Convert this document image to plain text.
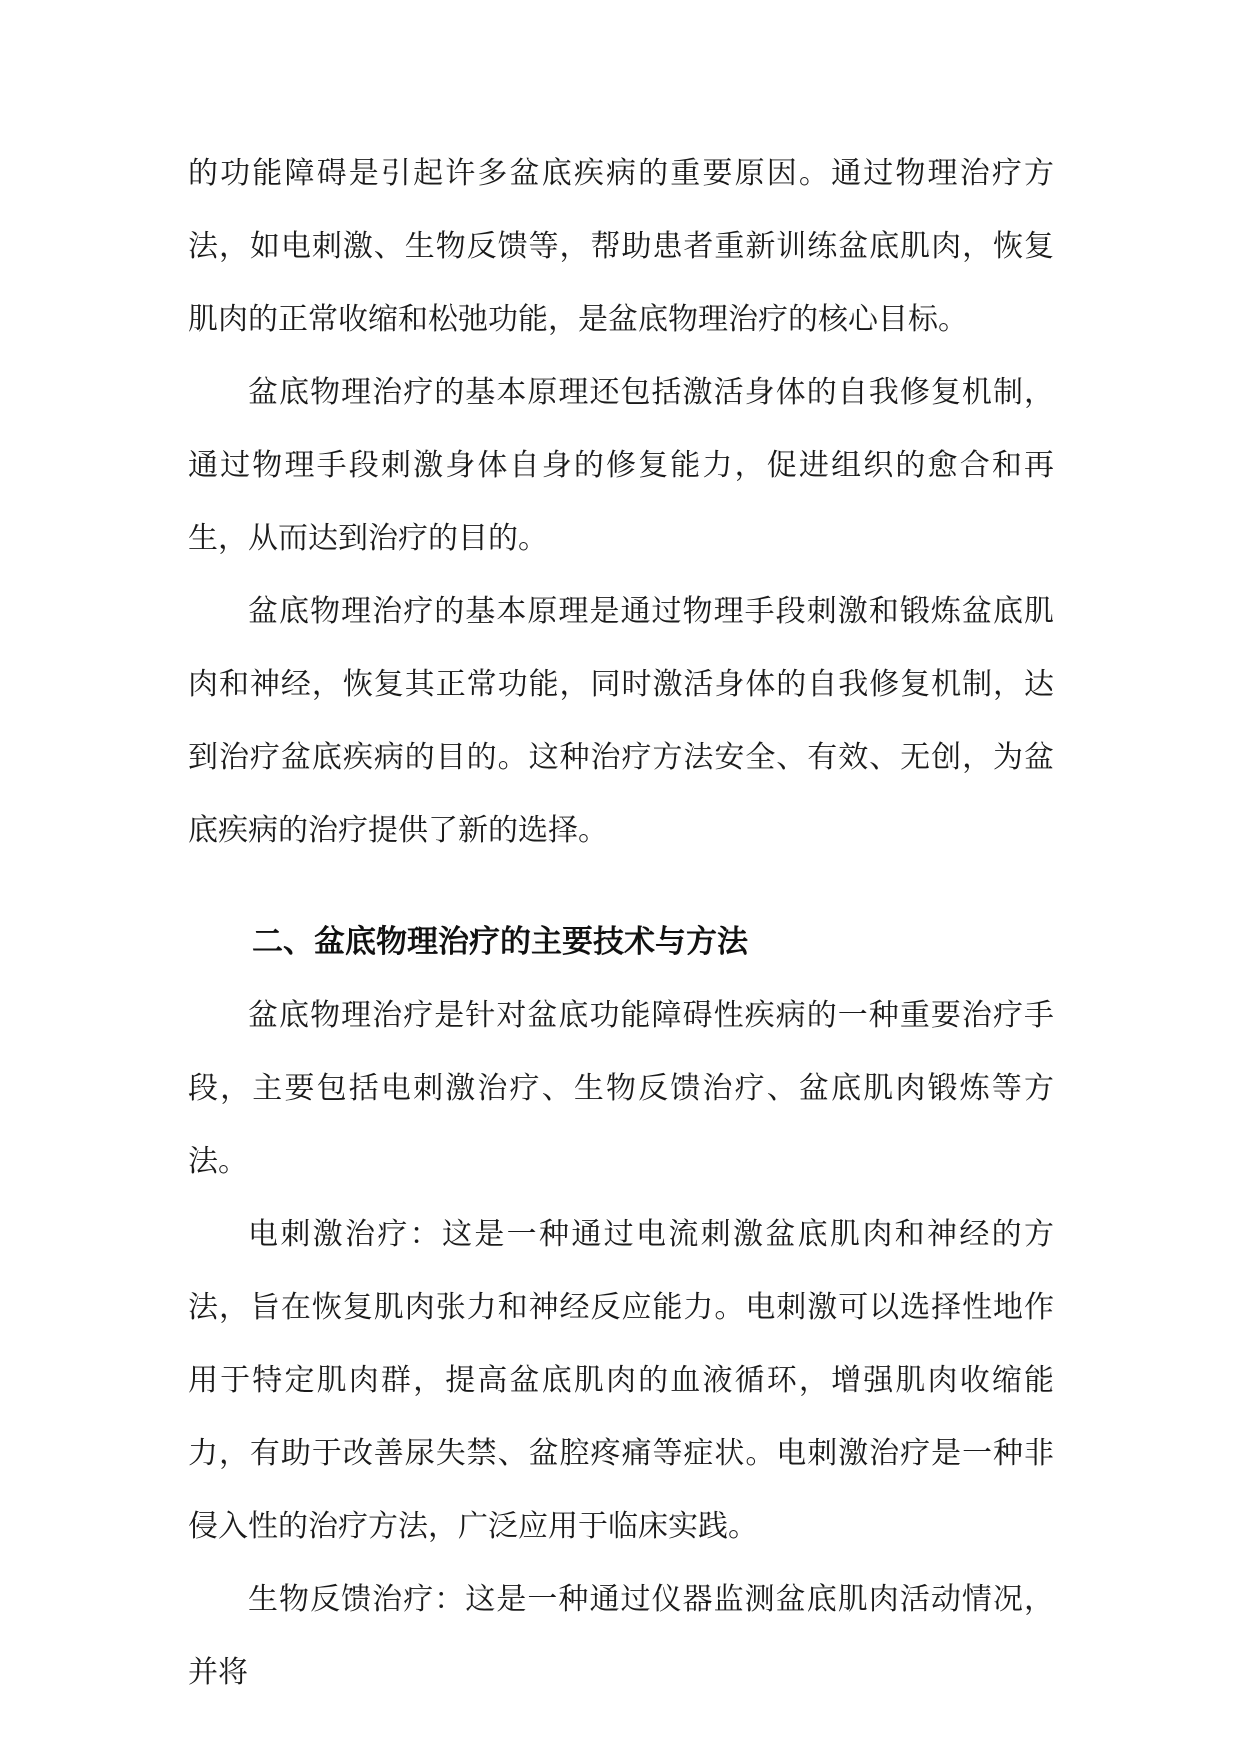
的功能障碍是引起许多盆底疾病的重要原因。通过物理治疗方法，如电刺激、生物反馈等，帮助患者重新训练盆底肌肉，恢复肌肉的正常收缩和松弛功能，是盆底物理治疗的核心目标。

盆底物理治疗的基本原理还包括激活身体的自我修复机制，通过物理手段刺激身体自身的修复能力，促进组织的愈合和再生，从而达到治疗的目的。

盆底物理治疗的基本原理是通过物理手段刺激和锻炼盆底肌肉和神经，恢复其正常功能，同时激活身体的自我修复机制，达到治疗盆底疾病的目的。这种治疗方法安全、有效、无创，为盆底疾病的治疗提供了新的选择。

二、盆底物理治疗的主要技术与方法

盆底物理治疗是针对盆底功能障碍性疾病的一种重要治疗手段，主要包括电刺激治疗、生物反馈治疗、盆底肌肉锻炼等方法。

电刺激治疗：这是一种通过电流刺激盆底肌肉和神经的方法，旨在恢复肌肉张力和神经反应能力。电刺激可以选择性地作用于特定肌肉群，提高盆底肌肉的血液循环，增强肌肉收缩能力，有助于改善尿失禁、盆腔疼痛等症状。电刺激治疗是一种非侵入性的治疗方法，广泛应用于临床实践。

生物反馈治疗：这是一种通过仪器监测盆底肌肉活动情况，并将
